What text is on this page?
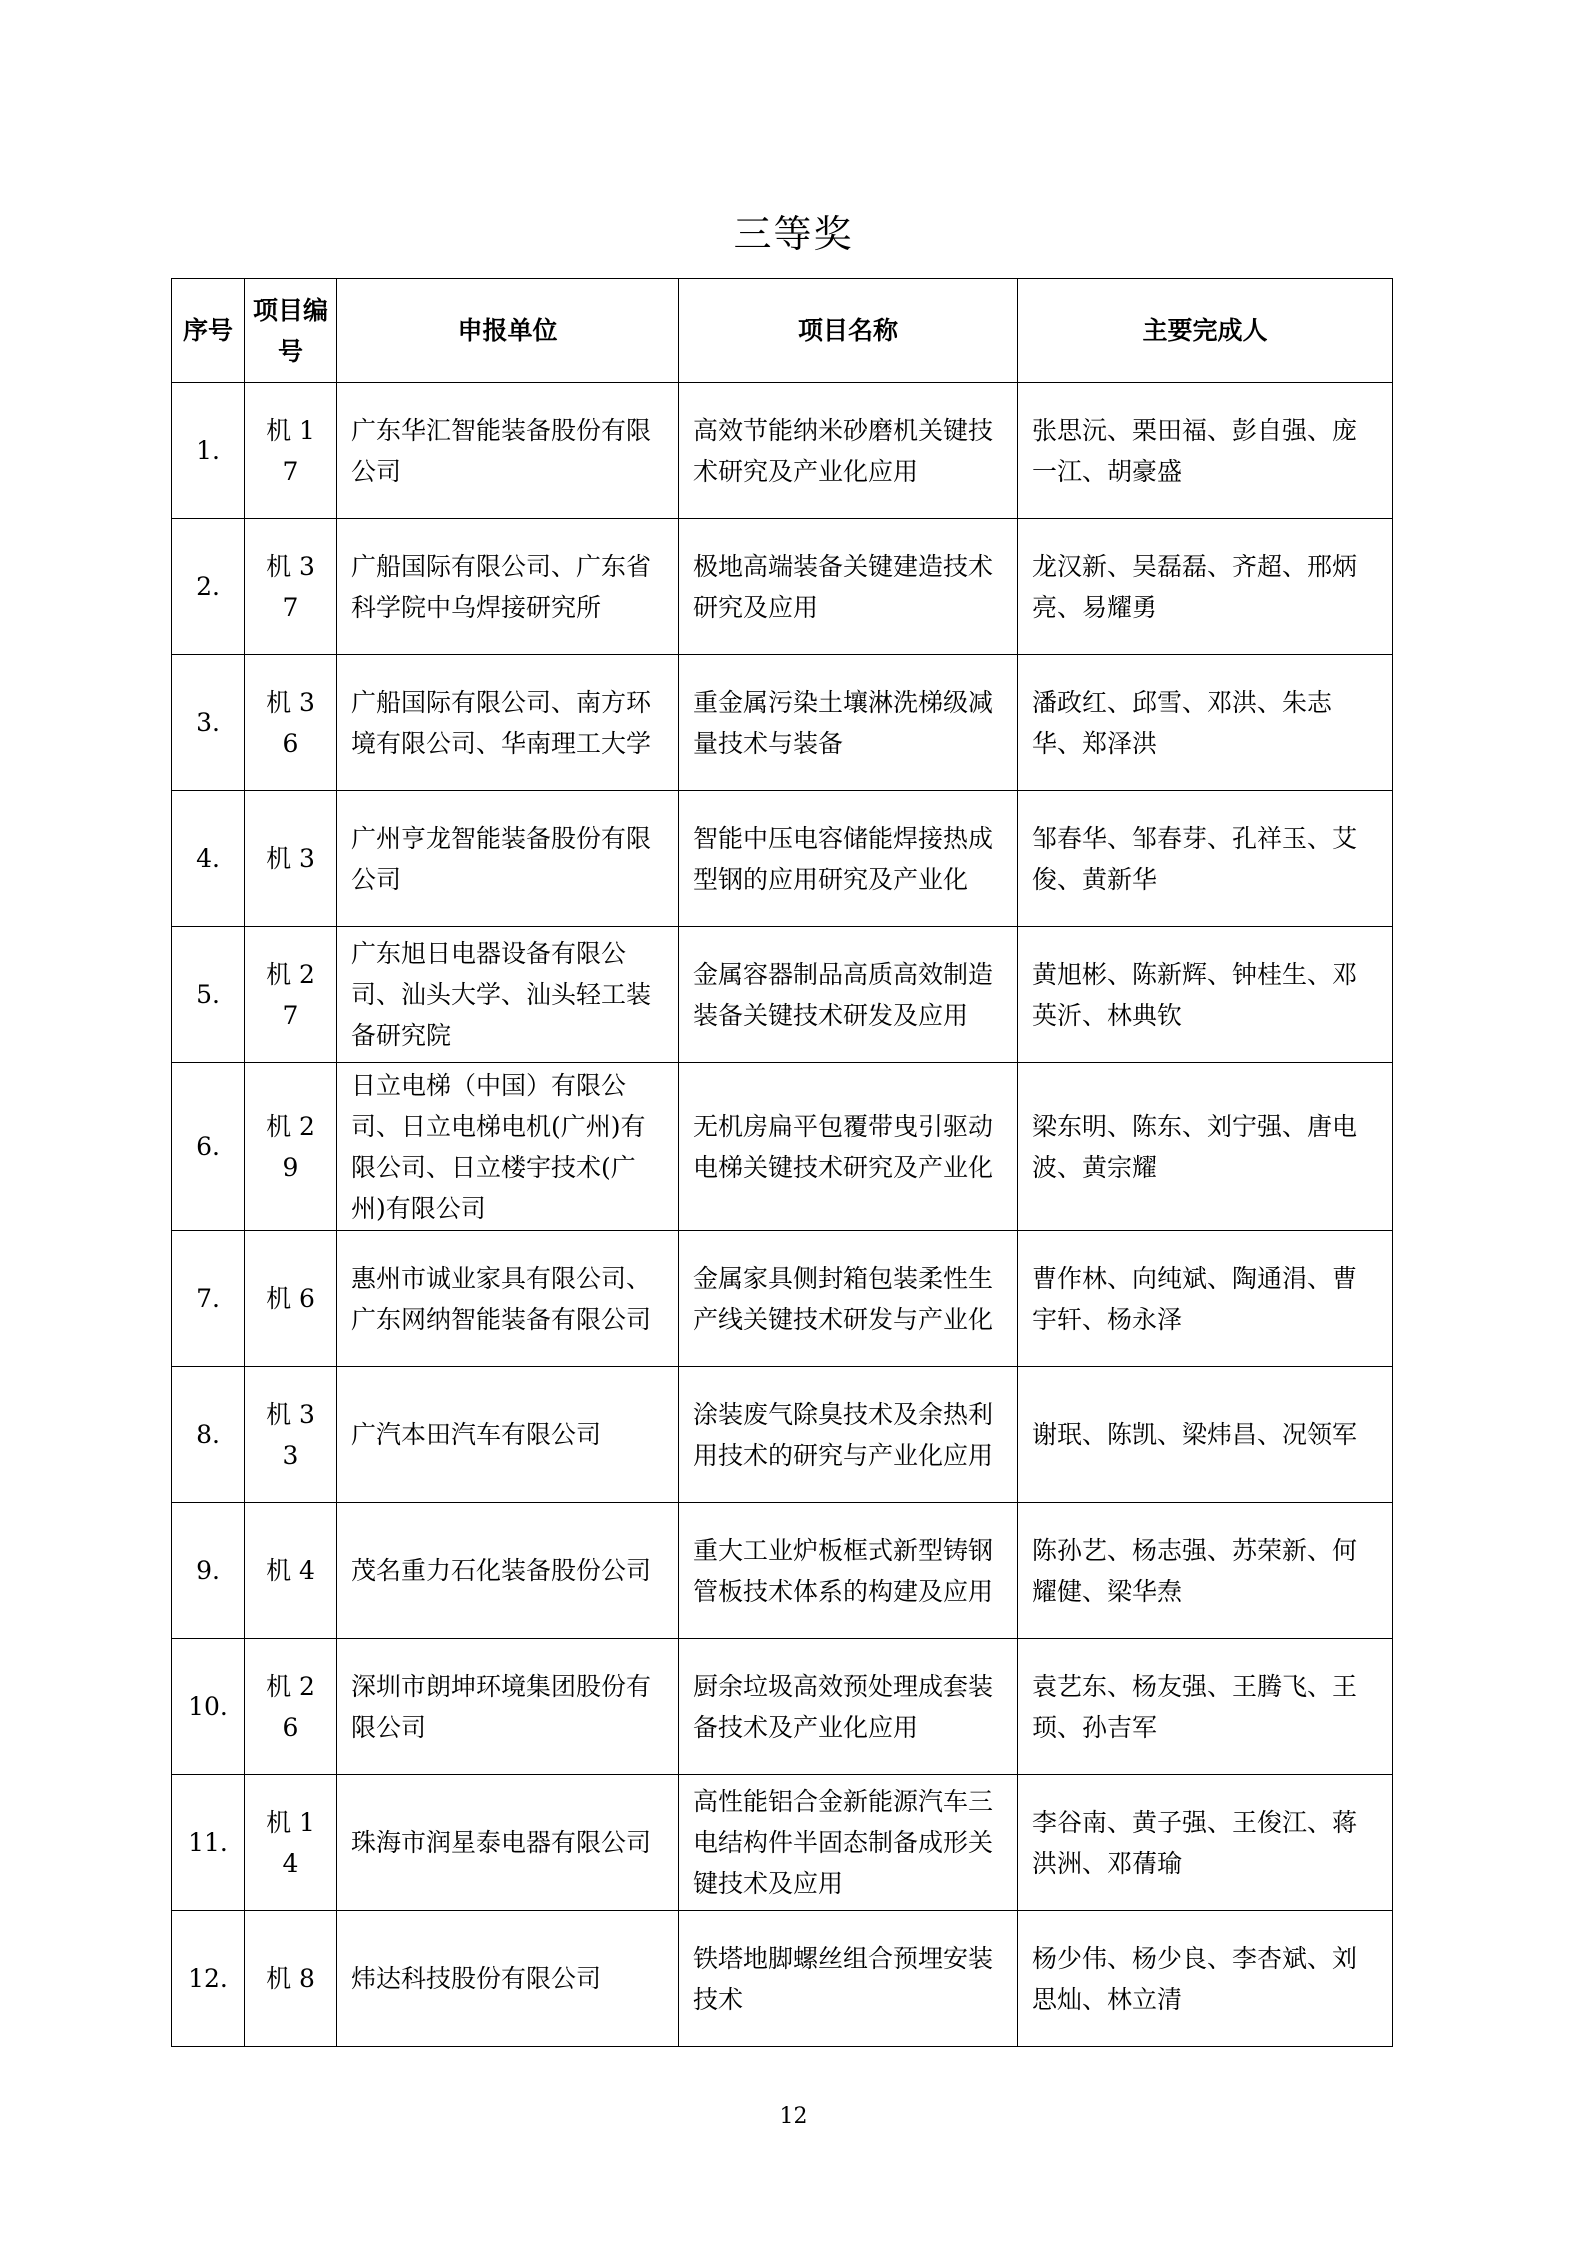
三等奖
序号	项目编号	申报单位	项目名称	主要完成人
1.	机 17	广东华汇智能装备股份有限公司	高效节能纳米砂磨机关键技术研究及产业化应用	张思沅、栗田福、彭自强、庞一江、胡豪盛
2.	机 37	广船国际有限公司、广东省科学院中乌焊接研究所	极地高端装备关键建造技术研究及应用	龙汉新、吴磊磊、齐超、邢炳亮、易耀勇
3.	机 36	广船国际有限公司、南方环境有限公司、华南理工大学	重金属污染土壤淋洗梯级减量技术与装备	潘政红、邱雪、邓洪、朱志华、郑泽洪
4.	机 3	广州亨龙智能装备股份有限公司	智能中压电容储能焊接热成型钢的应用研究及产业化	邹春华、邹春芽、孔祥玉、艾俊、黄新华
5.	机 27	广东旭日电器设备有限公司、汕头大学、汕头轻工装备研究院	金属容器制品高质高效制造装备关键技术研发及应用	黄旭彬、陈新辉、钟桂生、邓英沂、林典钦
6.	机 29	日立电梯（中国）有限公司、日立电梯电机(广州)有限公司、日立楼宇技术(广州)有限公司	无机房扁平包覆带曳引驱动电梯关键技术研究及产业化	梁东明、陈东、刘宁强、唐电波、黄宗耀
7.	机 6	惠州市诚业家具有限公司、广东网纳智能装备有限公司	金属家具侧封箱包装柔性生产线关键技术研发与产业化	曹作林、向纯斌、陶通涓、曹宇轩、杨永泽
8.	机 33	广汽本田汽车有限公司	涂装废气除臭技术及余热利用技术的研究与产业化应用	谢珉、陈凯、梁炜昌、况领军
9.	机 4	茂名重力石化装备股份公司	重大工业炉板框式新型铸钢管板技术体系的构建及应用	陈孙艺、杨志强、苏荣新、何耀健、梁华焘
10.	机 26	深圳市朗坤环境集团股份有限公司	厨余垃圾高效预处理成套装备技术及产业化应用	袁艺东、杨友强、王腾飞、王顼、孙吉军
11.	机 14	珠海市润星泰电器有限公司	高性能铝合金新能源汽车三电结构件半固态制备成形关键技术及应用	李谷南、黄子强、王俊江、蒋洪洲、邓蒨瑜
12.	机 8	炜达科技股份有限公司	铁塔地脚螺丝组合预埋安装技术	杨少伟、杨少良、李杏斌、刘思灿、林立清
12
